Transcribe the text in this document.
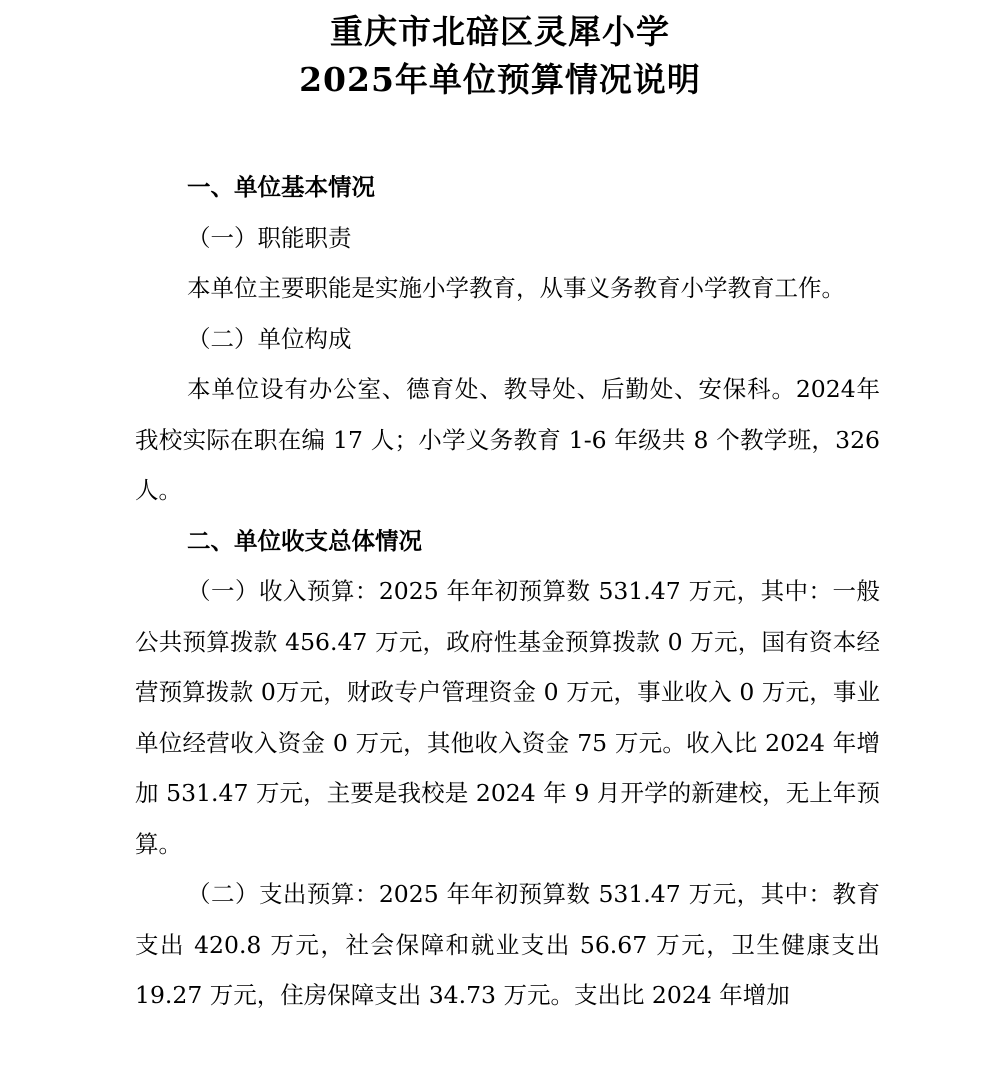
重庆市北碚区灵犀小学
2025年单位预算情况说明

一、单位基本情况

（一）职能职责

本单位主要职能是实施小学教育，从事义务教育小学教育工作。

（二）单位构成

本单位设有办公室、德育处、教导处、后勤处、安保科。2024年我校实际在职在编 17 人；小学义务教育 1-6 年级共 8 个教学班，326人。

二、单位收支总体情况

（一）收入预算：2025 年年初预算数 531.47 万元，其中：一般公共预算拨款 456.47 万元，政府性基金预算拨款 0 万元，国有资本经营预算拨款 0万元，财政专户管理资金 0 万元，事业收入 0 万元，事业单位经营收入资金 0 万元，其他收入资金 75 万元。收入比 2024 年增加 531.47 万元，主要是我校是 2024 年 9 月开学的新建校，无上年预算。

（二）支出预算：2025 年年初预算数 531.47 万元，其中：教育支出 420.8 万元，社会保障和就业支出 56.67 万元，卫生健康支出 19.27 万元，住房保障支出 34.73 万元。支出比 2024 年增加
